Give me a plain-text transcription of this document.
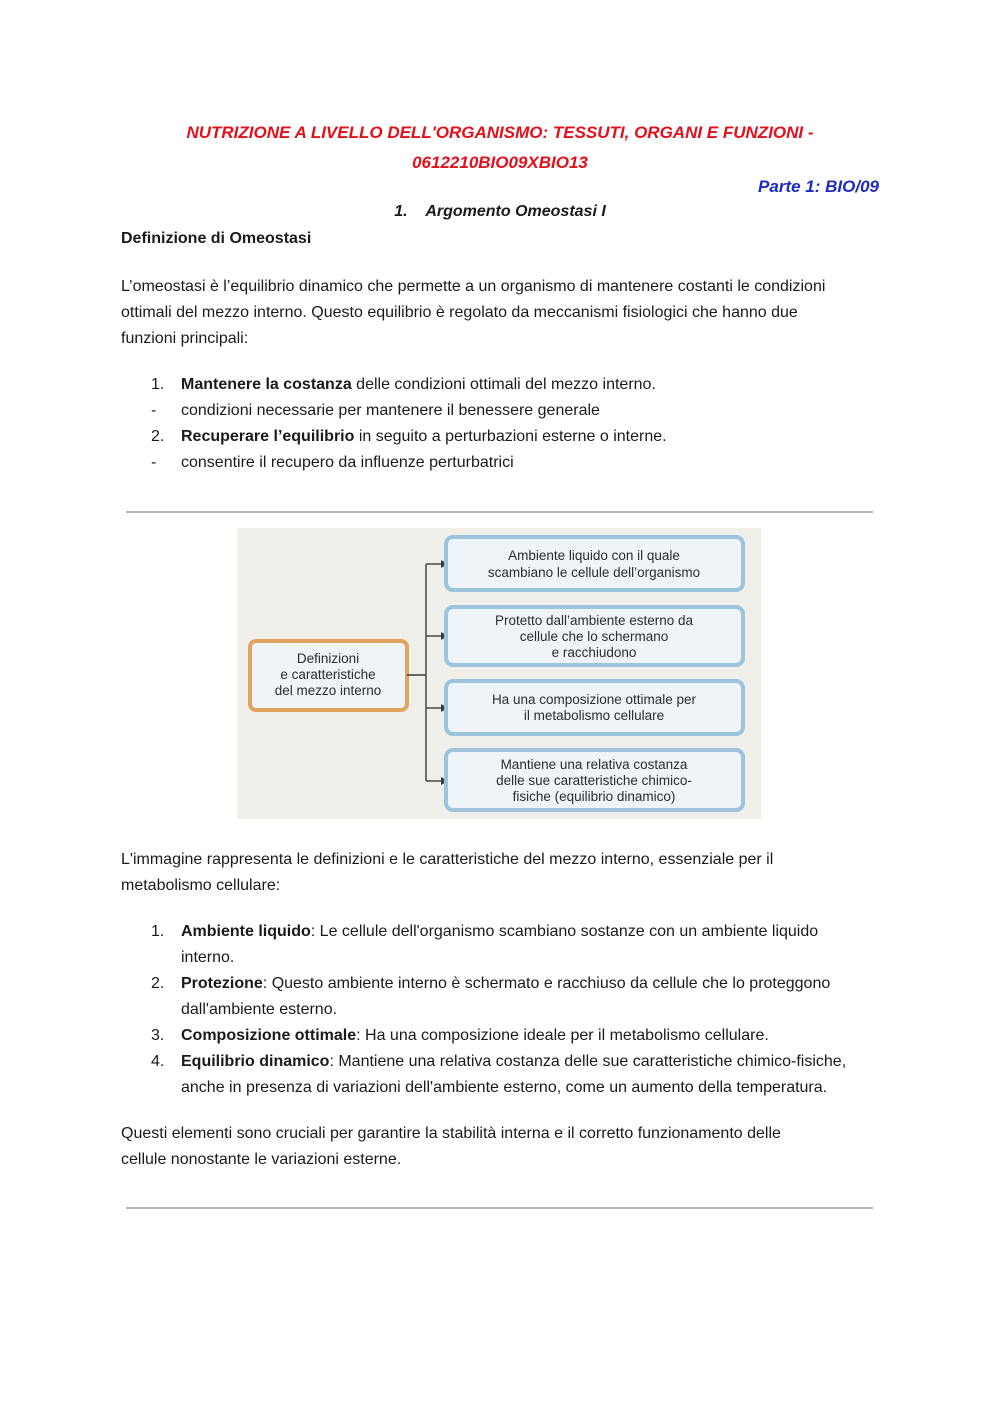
NUTRIZIONE A LIVELLO DELL'ORGANISMO: TESSUTI, ORGANI E FUNZIONI -
0612210BIO09XBIO13
Parte 1: BIO/09
1. Argomento Omeostasi I
Definizione di Omeostasi
L’omeostasi è l’equilibrio dinamico che permette a un organismo di mantenere costanti le condizioni
ottimali del mezzo interno. Questo equilibrio è regolato da meccanismi fisiologici che hanno due
funzioni principali:
1. Mantenere la costanza delle condizioni ottimali del mezzo interno.
- condizioni necessarie per mantenere il benessere generale
2. Recuperare l’equilibrio in seguito a perturbazioni esterne o interne.
- consentire il recupero da influenze perturbatrici
Definizioni
e caratteristiche
del mezzo interno
Ambiente liquido con il quale
scambiano le cellule dell’organismo
Protetto dall’ambiente esterno da
cellule che lo schermano
e racchiudono
Ha una composizione ottimale per
il metabolismo cellulare
Mantiene una relativa costanza
delle sue caratteristiche chimico-
fisiche (equilibrio dinamico)
L'immagine rappresenta le definizioni e le caratteristiche del mezzo interno, essenziale per il
metabolismo cellulare:
1. Ambiente liquido: Le cellule dell'organismo scambiano sostanze con un ambiente liquido
interno.
2. Protezione: Questo ambiente interno è schermato e racchiuso da cellule che lo proteggono
dall'ambiente esterno.
3. Composizione ottimale: Ha una composizione ideale per il metabolismo cellulare.
4. Equilibrio dinamico: Mantiene una relativa costanza delle sue caratteristiche chimico-fisiche,
anche in presenza di variazioni dell'ambiente esterno, come un aumento della temperatura.
Questi elementi sono cruciali per garantire la stabilità interna e il corretto funzionamento delle
cellule nonostante le variazioni esterne.
